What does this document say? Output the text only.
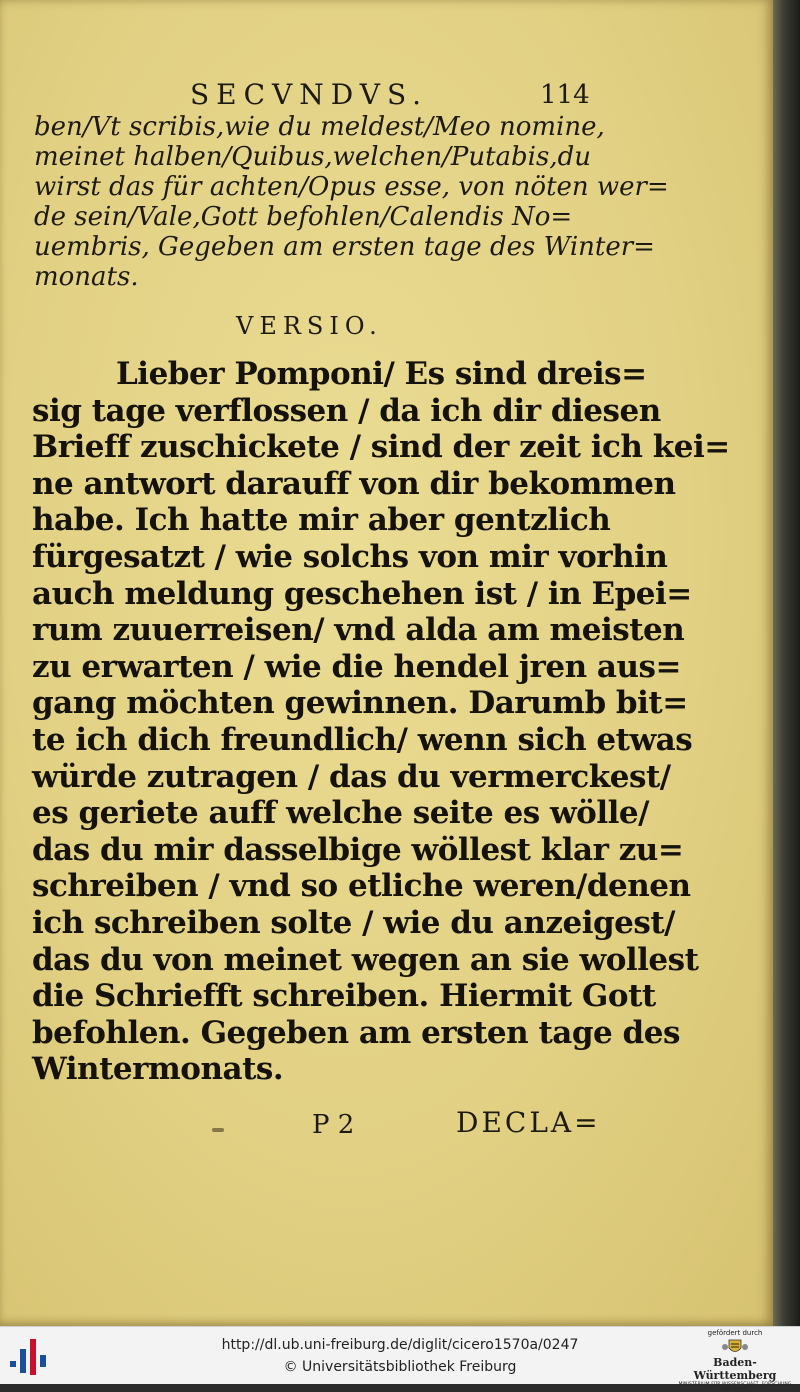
SECVNDVS.	114
ben/Vt scribis,wie du meldest/Meo nomine,
meinet halben/Quibus,welchen/Putabis,du
wirst das für achten/Opus esse, von nöten wer=
de sein/Vale,Gott befohlen/Calendis No=
uembris, Gegeben am ersten tage des Winter=
monats.
VERSIO.
Lieber Pomponi/ Es sind dreis=
sig tage verflossen / da ich dir diesen
Brieff zuschickete / sind der zeit ich kei=
ne antwort darauff von dir bekommen
habe. Ich hatte mir aber gentzlich
fürgesatzt / wie solchs von mir vorhin
auch meldung geschehen ist / in Epei=
rum zuuerreisen/ vnd alda am meisten
zu erwarten / wie die hendel jren aus=
gang möchten gewinnen. Darumb bit=
te ich dich freundlich/ wenn sich etwas
würde zutragen / das du vermerckest/
es geriete auff welche seite es wölle/
das du mir dasselbige wöllest klar zu=
schreiben / vnd so etliche weren/denen
ich schreiben solte / wie du anzeigest/
das du von meinet wegen an sie wollest
die Schriefft schreiben. Hiermit Gott
befohlen. Gegeben am ersten tage des
Wintermonats.
P 2	DECLA=
http://dl.ub.uni-freiburg.de/diglit/cicero1570a/0247
© Universitätsbibliothek Freiburg
gefördert durch
Baden-Württemberg
MINISTERIUM FÜR WISSENSCHAFT, FORSCHUNG UND KUNST
